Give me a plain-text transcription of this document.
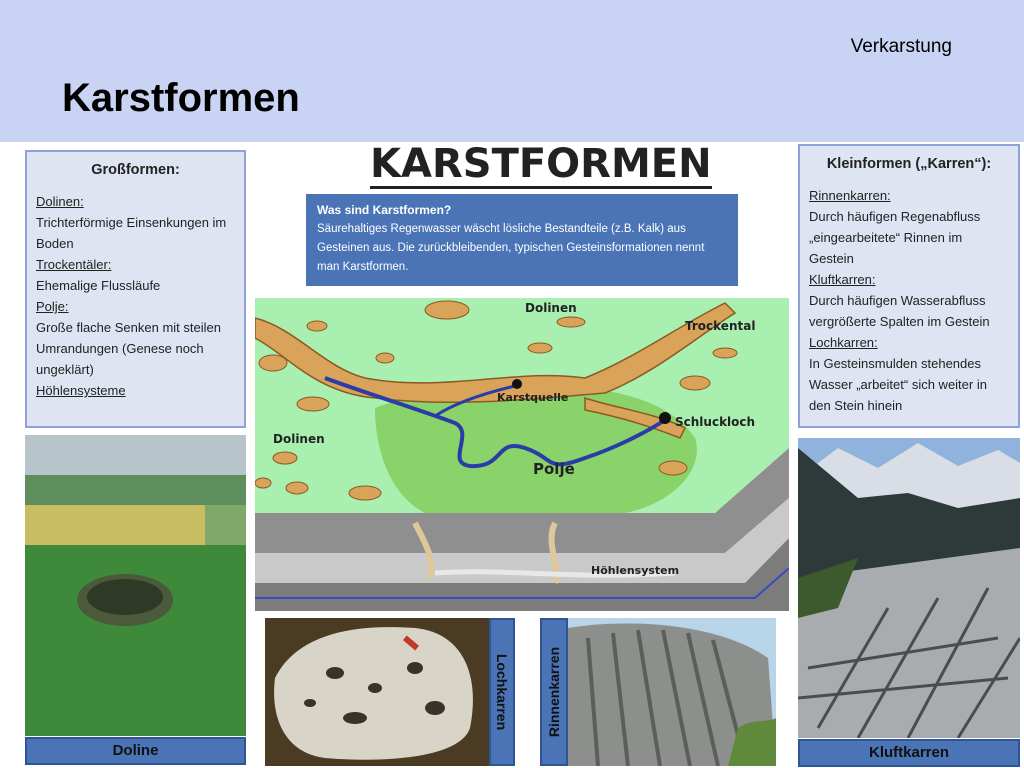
Verkarstung
Karstformen
Großformen:
Dolinen:
Trichterförmige Einsenkungen im Boden
Trockentäler:
Ehemalige Flussläufe
Polje:
Große flache Senken mit steilen Umrandungen (Genese noch ungeklärt)
Höhlensysteme
KARSTFORMEN
Was sind Karstformen?
Säurehaltiges Regenwasser wäscht lösliche Bestandteile (z.B. Kalk) aus Gesteinen aus. Die zurückbleibenden, typischen Gesteinsformationen nennt man Karstformen.
Kleinformen („Karren“):
Rinnenkarren:
Durch häufigen Regenabfluss „eingearbeitete“ Rinnen im Gestein
Kluftkarren:
Durch häufigen Wasserabfluss vergrößerte Spalten im Gestein
Lochkarren:
In Gesteinsmulden stehendes Wasser „arbeitet“ sich weiter in den Stein hinein
Dolinen
Trockental
Karstquelle
Schluckloch
Dolinen
Polje
Höhlensystem
Doline	Kluftkarren
Lochkarren	Rinnenkarren
